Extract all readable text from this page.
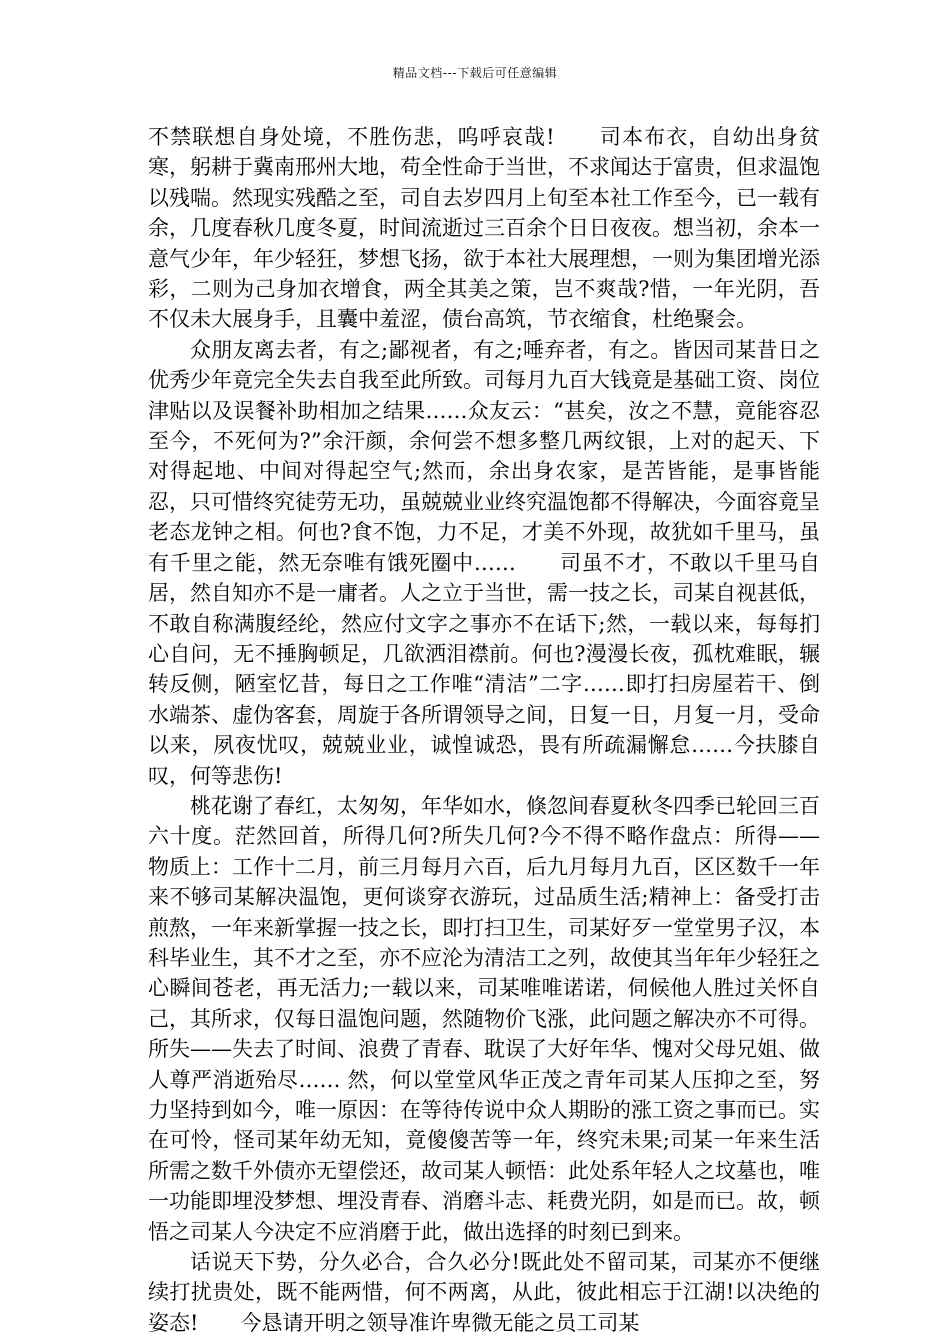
精品文档---下载后可任意编辑

不禁联想自身处境，不胜伤悲，呜呼哀哉!　　司本布衣，自幼出身贫寒，躬耕于冀南邢州大地，苟全性命于当世，不求闻达于富贵，但求温饱以残喘。然现实残酷之至，司自去岁四月上旬至本社工作至今，已一载有余，几度春秋几度冬夏，时间流逝过三百余个日日夜夜。想当初，余本一意气少年，年少轻狂，梦想飞扬，欲于本社大展理想，一则为集团增光添彩，二则为己身加衣增食，两全其美之策，岂不爽哉?惜，一年光阴，吾不仅未大展身手，且囊中羞涩，债台高筑，节衣缩食，杜绝聚会。

众朋友离去者，有之;鄙视者，有之;唾弃者，有之。皆因司某昔日之优秀少年竟完全失去自我至此所致。司每月九百大钱竟是基础工资、岗位津贴以及误餐补助相加之结果……众友云：“甚矣，汝之不慧，竟能容忍至今，不死何为?”余汗颜，余何尝不想多整几两纹银，上对的起天、下对得起地、中间对得起空气;然而，余出身农家，是苦皆能，是事皆能忍，只可惜终究徒劳无功，虽兢兢业业终究温饱都不得解决，今面容竟呈老态龙钟之相。何也?食不饱，力不足，才美不外现，故犹如千里马，虽有千里之能，然无奈唯有饿死圈中……　　司虽不才，不敢以千里马自居，然自知亦不是一庸者。人之立于当世，需一技之长，司某自视甚低，不敢自称满腹经纶，然应付文字之事亦不在话下;然，一载以来，每每扪心自问，无不捶胸顿足，几欲洒泪襟前。何也?漫漫长夜，孤枕难眠，辗转反侧，陋室忆昔，每日之工作唯“清洁”二字……即打扫房屋若干、倒水端茶、虚伪客套，周旋于各所谓领导之间，日复一日，月复一月，受命以来，夙夜忧叹，兢兢业业，诚惶诚恐，畏有所疏漏懈怠……今扶膝自叹，何等悲伤!

桃花谢了春红，太匆匆，年华如水，倏忽间春夏秋冬四季已轮回三百六十度。茫然回首，所得几何?所失几何?今不得不略作盘点：所得——物质上：工作十二月，前三月每月六百，后九月每月九百，区区数千一年来不够司某解决温饱，更何谈穿衣游玩，过品质生活;精神上：备受打击煎熬，一年来新掌握一技之长，即打扫卫生，司某好歹一堂堂男子汉，本科毕业生，其不才之至，亦不应沦为清洁工之列，故使其当年年少轻狂之心瞬间苍老，再无活力;一载以来，司某唯唯诺诺，伺候他人胜过关怀自己，其所求，仅每日温饱问题，然随物价飞涨，此问题之解决亦不可得。所失——失去了时间、浪费了青春、耽误了大好年华、愧对父母兄姐、做人尊严消逝殆尽…… 然，何以堂堂风华正茂之青年司某人压抑之至，努力坚持到如今，唯一原因：在等待传说中众人期盼的涨工资之事而已。实在可怜，怪司某年幼无知，竟傻傻苦等一年，终究未果;司某一年来生活所需之数千外债亦无望偿还，故司某人顿悟：此处系年轻人之坟墓也，唯一功能即埋没梦想、埋没青春、消磨斗志、耗费光阴，如是而已。故，顿悟之司某人今决定不应消磨于此，做出选择的时刻已到来。

话说天下势，分久必合，合久必分!既此处不留司某，司某亦不便继续打扰贵处，既不能两惜，何不两离，从此，彼此相忘于江湖!以决绝的姿态!　　今恳请开明之领导准许卑微无能之员工司某
